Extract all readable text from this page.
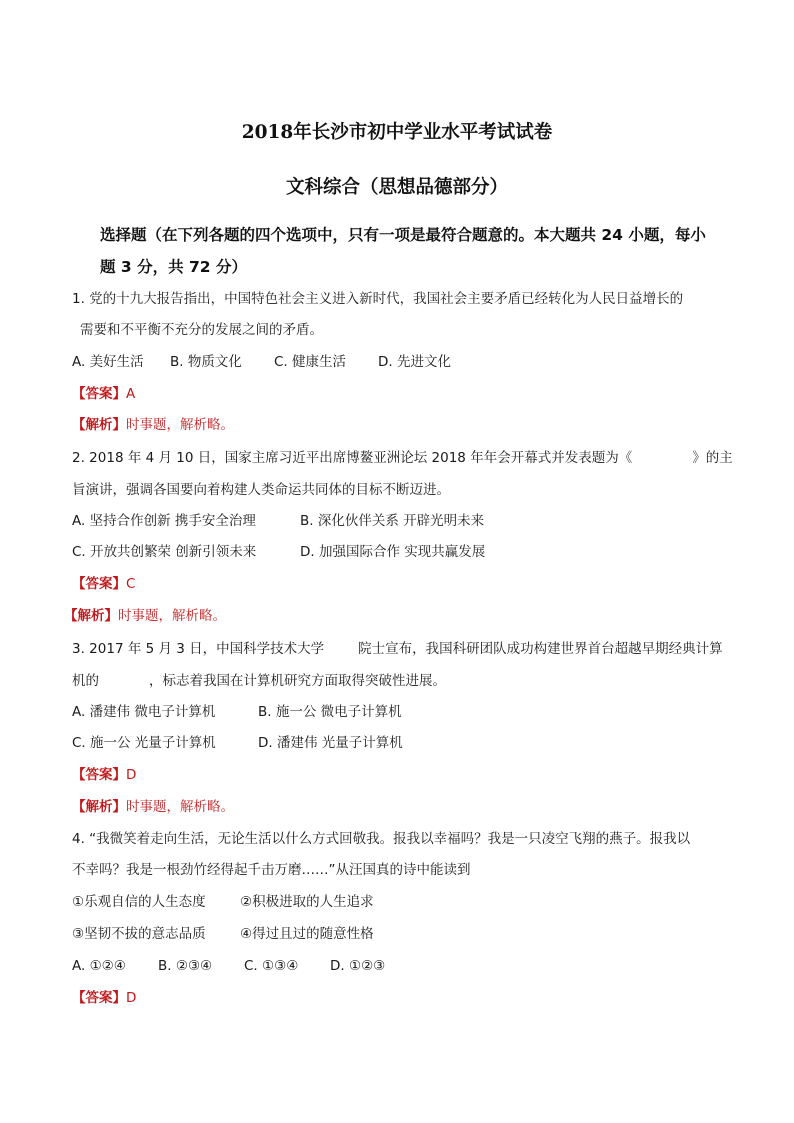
2018年长沙市初中学业水平考试试卷
文科综合（思想品德部分）
选择题（在下列各题的四个选项中，只有一项是最符合题意的。本大题共 24 小题，每小
题 3 分，共 72 分）
1. 党的十九大报告指出，中国特色社会主义进入新时代，我国社会主要矛盾已经转化为人民日益增长的
需要和不平衡不充分的发展之间的矛盾。
A. 美好生活 B. 物质文化 C. 健康生活 D. 先进文化
【答案】A
【解析】时事题，解析略。
2. 2018 年 4 月 10 日，国家主席习近平出席博鳌亚洲论坛 2018 年年会开幕式并发表题为《	》的主
旨演讲，强调各国要向着构建人类命运共同体的目标不断迈进。
A. 坚持合作创新 携手安全治理	B. 深化伙伴关系 开辟光明未来
C. 开放共创繁荣 创新引领未来	D. 加强国际合作 实现共赢发展
【答案】C
【解析】时事题，解析略。
3. 2017 年 5 月 3 日，中国科学技术大学	院士宣布，我国科研团队成功构建世界首台超越早期经典计算
机的	，标志着我国在计算机研究方面取得突破性进展。
A. 潘建伟 微电子计算机	B. 施一公 微电子计算机
C. 施一公 光量子计算机	D. 潘建伟 光量子计算机
【答案】D
【解析】时事题，解析略。
4. “我微笑着走向生活，无论生活以什么方式回敬我。报我以幸福吗？我是一只凌空飞翔的燕子。报我以
不幸吗？我是一根劲竹经得起千击万磨……”从汪国真的诗中能读到
①乐观自信的人生态度	②积极进取的人生追求
③坚韧不拔的意志品质	④得过且过的随意性格
A. ①②④ B. ②③④ C. ①③④ D. ①②③
【答案】D
